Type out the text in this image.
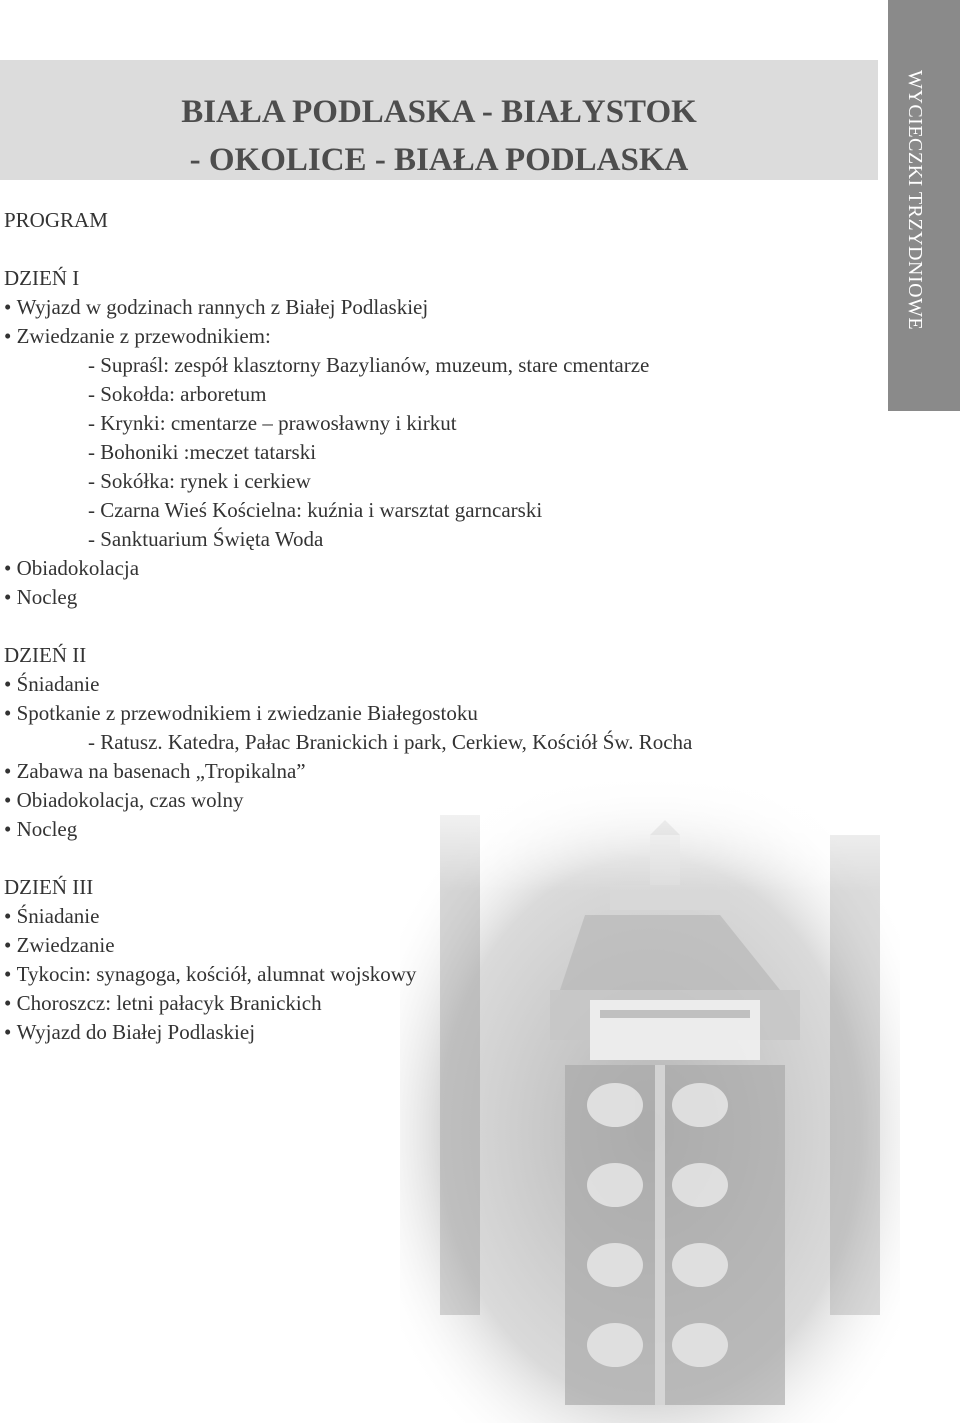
BIAŁA PODLASKA - BIAŁYSTOK
- OKOLICE - BIAŁA PODLASKA	WYCIECZKI TRZYDNIOWE
PROGRAM
DZIEŃ I
• Wyjazd w godzinach rannych z Białej Podlaskiej
• Zwiedzanie z przewodnikiem:
- Supraśl: zespół klasztorny Bazylianów, muzeum, stare cmentarze
- Sokołda: arboretum
- Krynki: cmentarze – prawosławny i kirkut
- Bohoniki :meczet tatarski
- Sokółka: rynek i cerkiew
- Czarna Wieś Kościelna: kuźnia i warsztat garncarski
- Sanktuarium Święta Woda
• Obiadokolacja
• Nocleg
DZIEŃ II
• Śniadanie
• Spotkanie z przewodnikiem i zwiedzanie Białegostoku
- Ratusz. Katedra, Pałac Branickich i park, Cerkiew, Kościół Św. Rocha
• Zabawa na basenach „Tropikalna”
• Obiadokolacja, czas wolny
• Nocleg
DZIEŃ III
• Śniadanie
• Zwiedzanie
• Tykocin: synagoga, kościół, alumnat wojskowy
• Choroszcz: letni pałacyk Branickich
• Wyjazd do Białej Podlaskiej
